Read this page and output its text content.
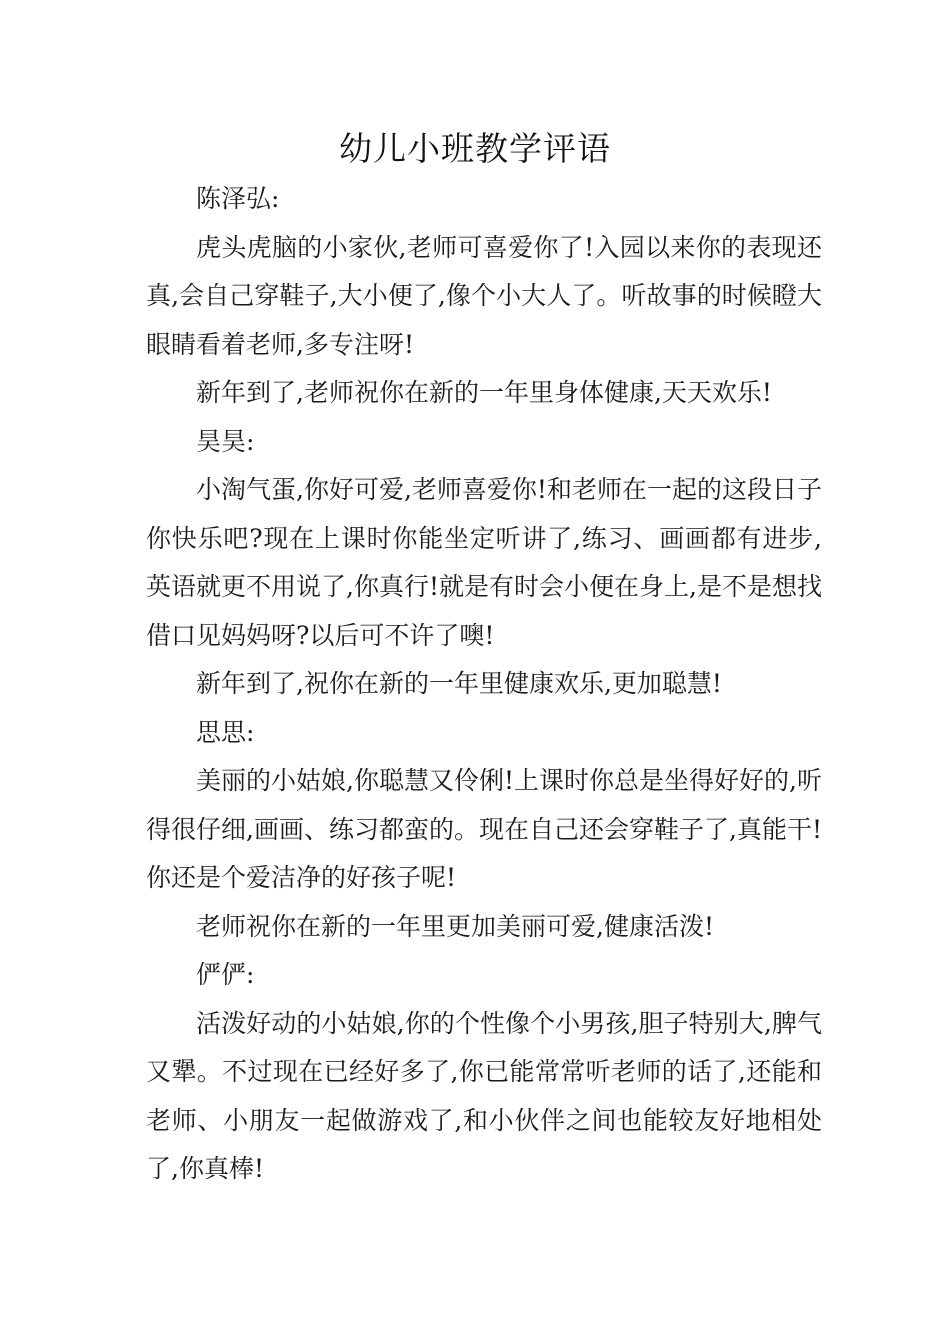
幼儿小班教学评语

陈泽弘:

虎头虎脑的小家伙,老师可喜爱你了!入园以来你的表现还真,会自己穿鞋子,大小便了,像个小大人了。听故事的时候瞪大眼睛看着老师,多专注呀!

新年到了,老师祝你在新的一年里身体健康,天天欢乐!

昊昊:

小淘气蛋,你好可爱,老师喜爱你!和老师在一起的这段日子你快乐吧?现在上课时你能坐定听讲了,练习、画画都有进步,英语就更不用说了,你真行!就是有时会小便在身上,是不是想找借口见妈妈呀?以后可不许了噢!

新年到了,祝你在新的一年里健康欢乐,更加聪慧!

思思:

美丽的小姑娘,你聪慧又伶俐!上课时你总是坐得好好的,听得很仔细,画画、练习都蛮的。现在自己还会穿鞋子了,真能干!你还是个爱洁净的好孩子呢!

老师祝你在新的一年里更加美丽可爱,健康活泼!

俨俨:

活泼好动的小姑娘,你的个性像个小男孩,胆子特别大,脾气又犟。不过现在已经好多了,你已能常常听老师的话了,还能和老师、小朋友一起做游戏了,和小伙伴之间也能较友好地相处了,你真棒!
